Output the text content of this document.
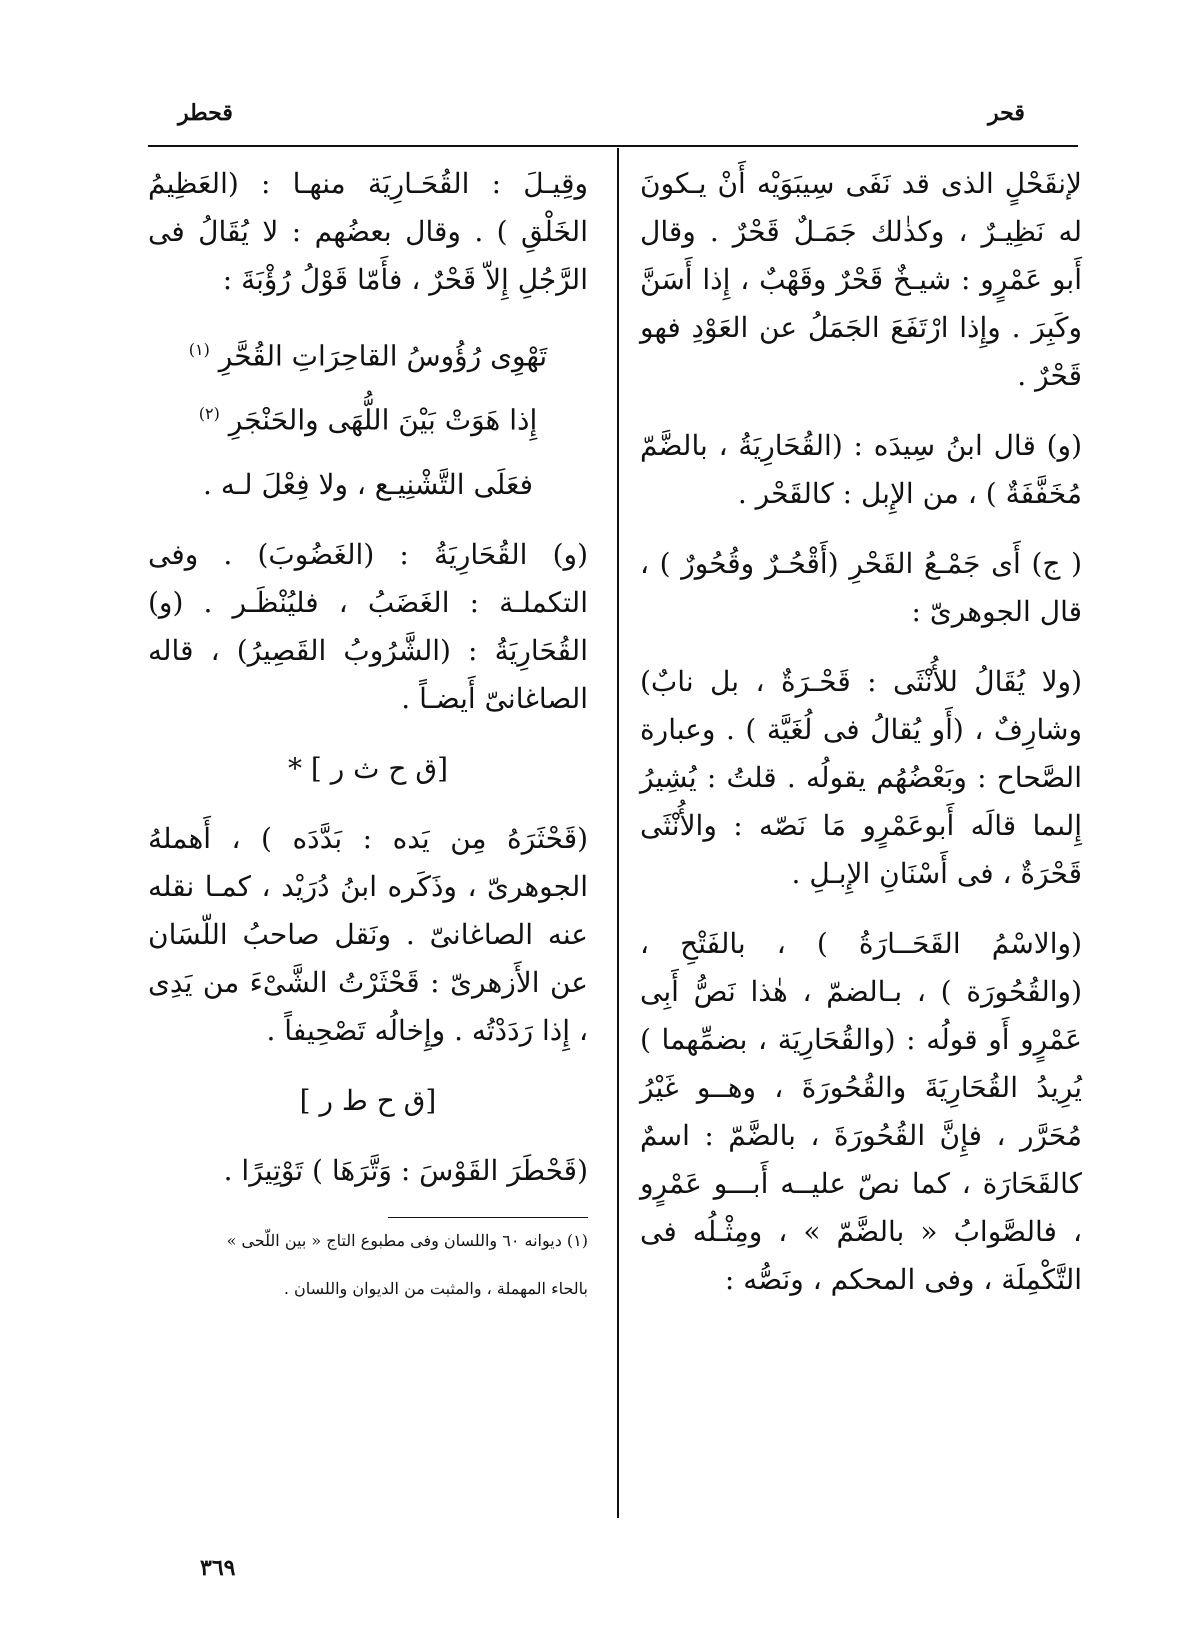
قحر
قحطر

لإنقَحْلٍ الذى قد نَفَى سِيبَوَيْه أَنْ يـكونَ له نَظِيـرٌ ، وكذٰلك جَمَـلٌ قَحْرٌ . وقال أَبو عَمْرٍو : شيـخٌ قَحْرٌ وقَهْبٌ ، إِذا أَسَنَّ وكَبِرَ . وإِذا ارْتَفَعَ الجَمَلُ عن العَوْدِ فهو قَحْرٌ .

(و) قال ابنُ سِيدَه : (القُحَارِيَةُ ، بالضَّمّ مُخَفَّفَةٌ ) ، من الإِبل : كالقَحْر .

( ج) أَى جَمْـعُ القَحْرِ (أَقْحُـرٌ وقُحُورٌ ) ، قال الجوهرىّ :

(ولا يُقَالُ للأُنْثَى : قَحْـرَةٌ ، بل نابٌ) وشارِفٌ ، (أَو يُقالُ فى لُغَيَّة ) . وعبارة الصَّحاح : وبَعْضُهُم يقولُه . قلتُ : يُشِيرُ إِلىما قالَه أَبوعَمْرٍو مَا نَصّه : والأُنْثَى قَحْرَةٌ ، فى أَسْنَانِ الإِبـلِ .

(والاسْمُ القَحَــارَةُ ) ، بالفَتْحِ ، (والقُحُورَة ) ، بـالضمّ ، هٰذا نَصُّ أَبِى عَمْرٍو أَو قولُه : (والقُحَارِيَة ، بضمِّهما ) يُرِيدُ القُحَارِيَةَ والقُحُورَةَ ، وهــو غَيْرُ مُحَرَّر ، فإِنَّ القُحُورَةَ ، بالضَّمّ : اسمٌ كالقَحَارَة ، كما نصّ عليــه أَبـــو عَمْرٍو ، فالصَّوابُ « بالضَّمّ » ، ومِثْـلُه فى التَّكْمِلَة ، وفى المحكم ، ونَصُّه :

وقِيـلَ : القُحَـارِيَة منهـا : (العَظِيمُ الخَلْقِ ) . وقال بعضُهم : لا يُقَالُ فى الرَّجُلِ إِلاّ قَحْرٌ ، فأَمّا قَوْلُ رُؤْبَةَ :

تَهْوِى رُؤُوسُ القاحِرَاتِ القُحَّرِ $^{(١)}$
إِذا هَوَتْ بَيْنَ اللُّهَى والحَنْجَرِ $^{(٢)}$

فعَلَى التَّشْنِيـع ، ولا فِعْلَ لـه .

(و) القُحَارِيَةُ : (الغَضُوبَ) . وفى التكملـة : الغَضَبُ ، فليُنْظَـر . (و) القُحَارِيَةُ : (الشَّرُوبُ القَصِيرُ) ، قاله الصاغانىّ أَيضـاً .

[ق ح ث ر ] *

(قَحْثَرَهُ مِن يَده : بَدَّدَه ) ، أَهملهُ الجوهرىّ ، وذَكَره ابنُ دُرَيْد ، كمـا نقله عنه الصاغانىّ . ونَقل صاحبُ اللّسَان عن الأَزهرىّ : قَحْثَرْتُ الشَّىْءَ من يَدِى ، إِذا رَدَدْتُه . وإِخالُه تَصْحِيفاً .

[ق ح ط ر ]

(قَحْطَرَ القَوْسَ : وَتَّرَهَا ) تَوْتِيرًا .

(١) ديوانه ٦٠ واللسان وفى مطبوع التاج « بين اللّحى »

بالحاء المهملة ، والمثبت من الديوان واللسان .

٣٦٩
